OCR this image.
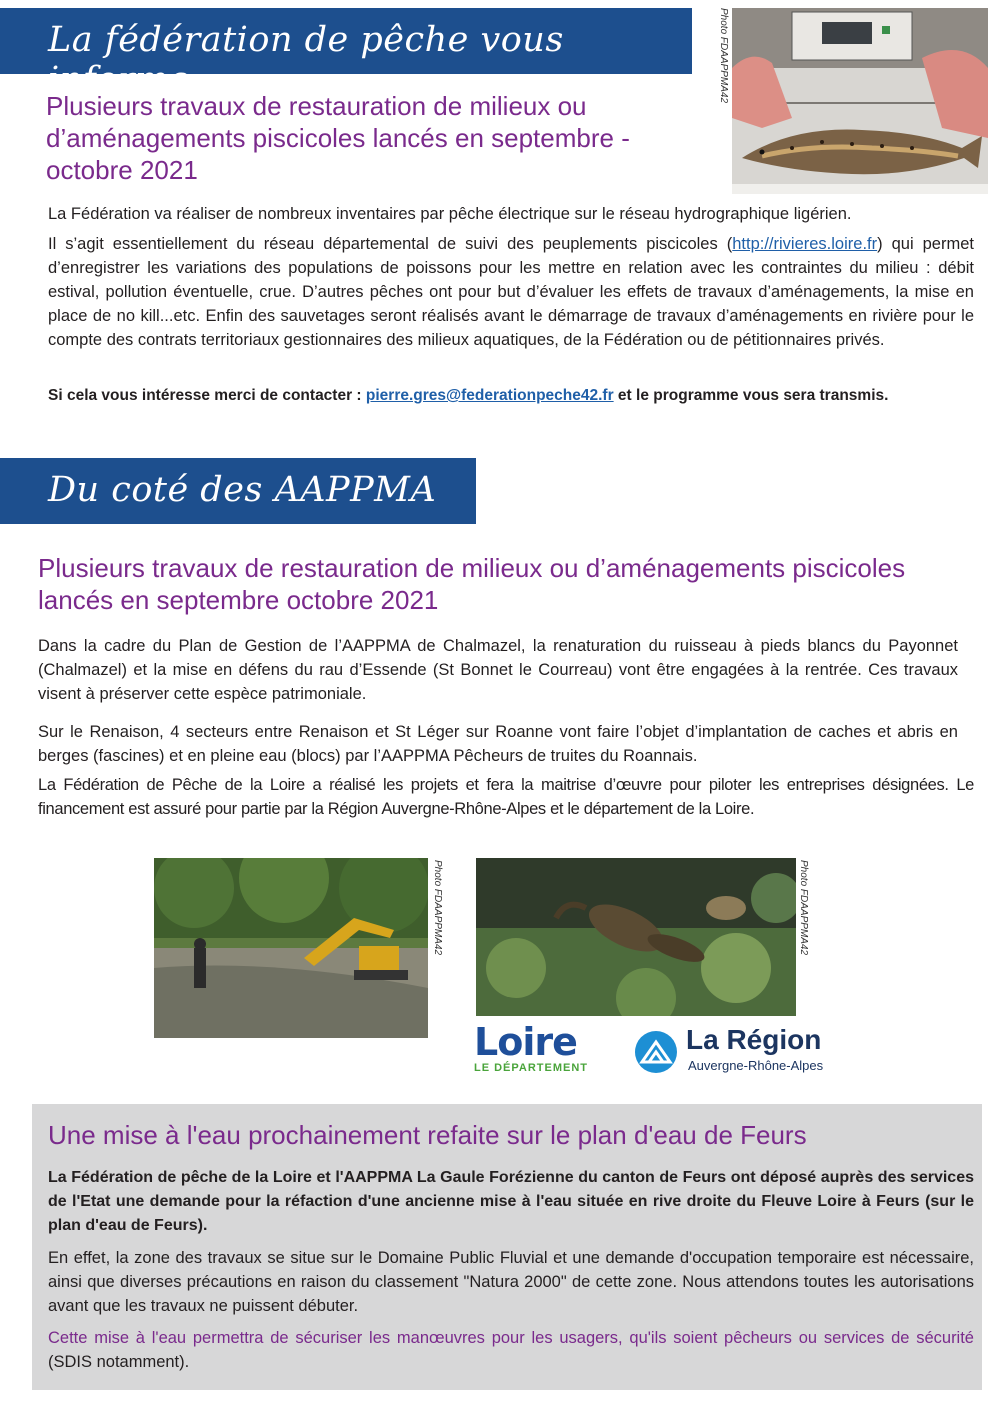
La fédération de pêche vous informe	Photo FDAAPPMA42
Plusieurs travaux de restauration de milieux ou d’aménagements piscicoles lancés en septembre - octobre 2021

La Fédération va réaliser de nombreux inventaires par pêche électrique sur le réseau hydrographique ligérien.

Il s’agit essentiellement du réseau départemental de suivi des peuplements piscicoles (http://rivieres.loire.fr) qui permet d’enregistrer les variations des populations de poissons pour les mettre en relation avec les contraintes du milieu : débit estival, pollution éventuelle, crue. D’autres pêches ont pour but d’évaluer les effets de travaux d’aménagements, la mise en place de no kill...etc. Enfin des sauvetages seront réalisés avant le démarrage de travaux d’aménagements en rivière pour le compte des contrats territoriaux gestionnaires des milieux aquatiques, de la Fédération ou de pétitionnaires privés.

Si cela vous intéresse merci de contacter : pierre.gres@federationpeche42.fr et le programme vous sera transmis.

Du coté des AAPPMA
Plusieurs travaux de restauration de milieux ou d’aménagements piscicoles lancés en septembre octobre 2021

Dans la cadre du Plan de Gestion de l’AAPPMA de Chalmazel, la renaturation du ruisseau à pieds blancs du Payonnet (Chalmazel) et la mise en défens du rau d’Essende (St Bonnet le Courreau) vont être engagées à la rentrée. Ces travaux visent à préserver cette espèce patrimoniale.

Sur le Renaison, 4 secteurs entre Renaison et St Léger sur Roanne vont faire l’objet d’implantation de caches et abris en berges (fascines) et en pleine eau (blocs) par l’AAPPMA Pêcheurs de truites du Roannais.

La Fédération de Pêche de la Loire a réalisé les projets et fera la maitrise d’œuvre pour piloter les entreprises désignées. Le financement est assuré pour partie par la Région Auvergne-Rhône-Alpes et le département de la Loire.

Photo FDAAPPMA42	Photo FDAAPPMA42
Loire
LE DÉPARTEMENT
La Région
Auvergne-Rhône-Alpes
Une mise à l'eau prochainement refaite sur le plan d'eau de Feurs

La Fédération de pêche de la Loire et l'AAPPMA La Gaule Forézienne du canton de Feurs ont déposé auprès des services de l'Etat une demande pour la réfaction d'une ancienne mise à l'eau située en rive droite du Fleuve Loire à Feurs (sur le plan d'eau de Feurs).

En effet, la zone des travaux se situe sur le Domaine Public Fluvial et une demande d'occupation temporaire est nécessaire, ainsi que diverses précautions en raison du classement "Natura 2000" de cette zone. Nous attendons toutes les autorisations avant que les travaux ne puissent débuter.

Cette mise à l'eau permettra de sécuriser les manœuvres pour les usagers, qu'ils soient pêcheurs ou services de sécurité (SDIS notamment).
